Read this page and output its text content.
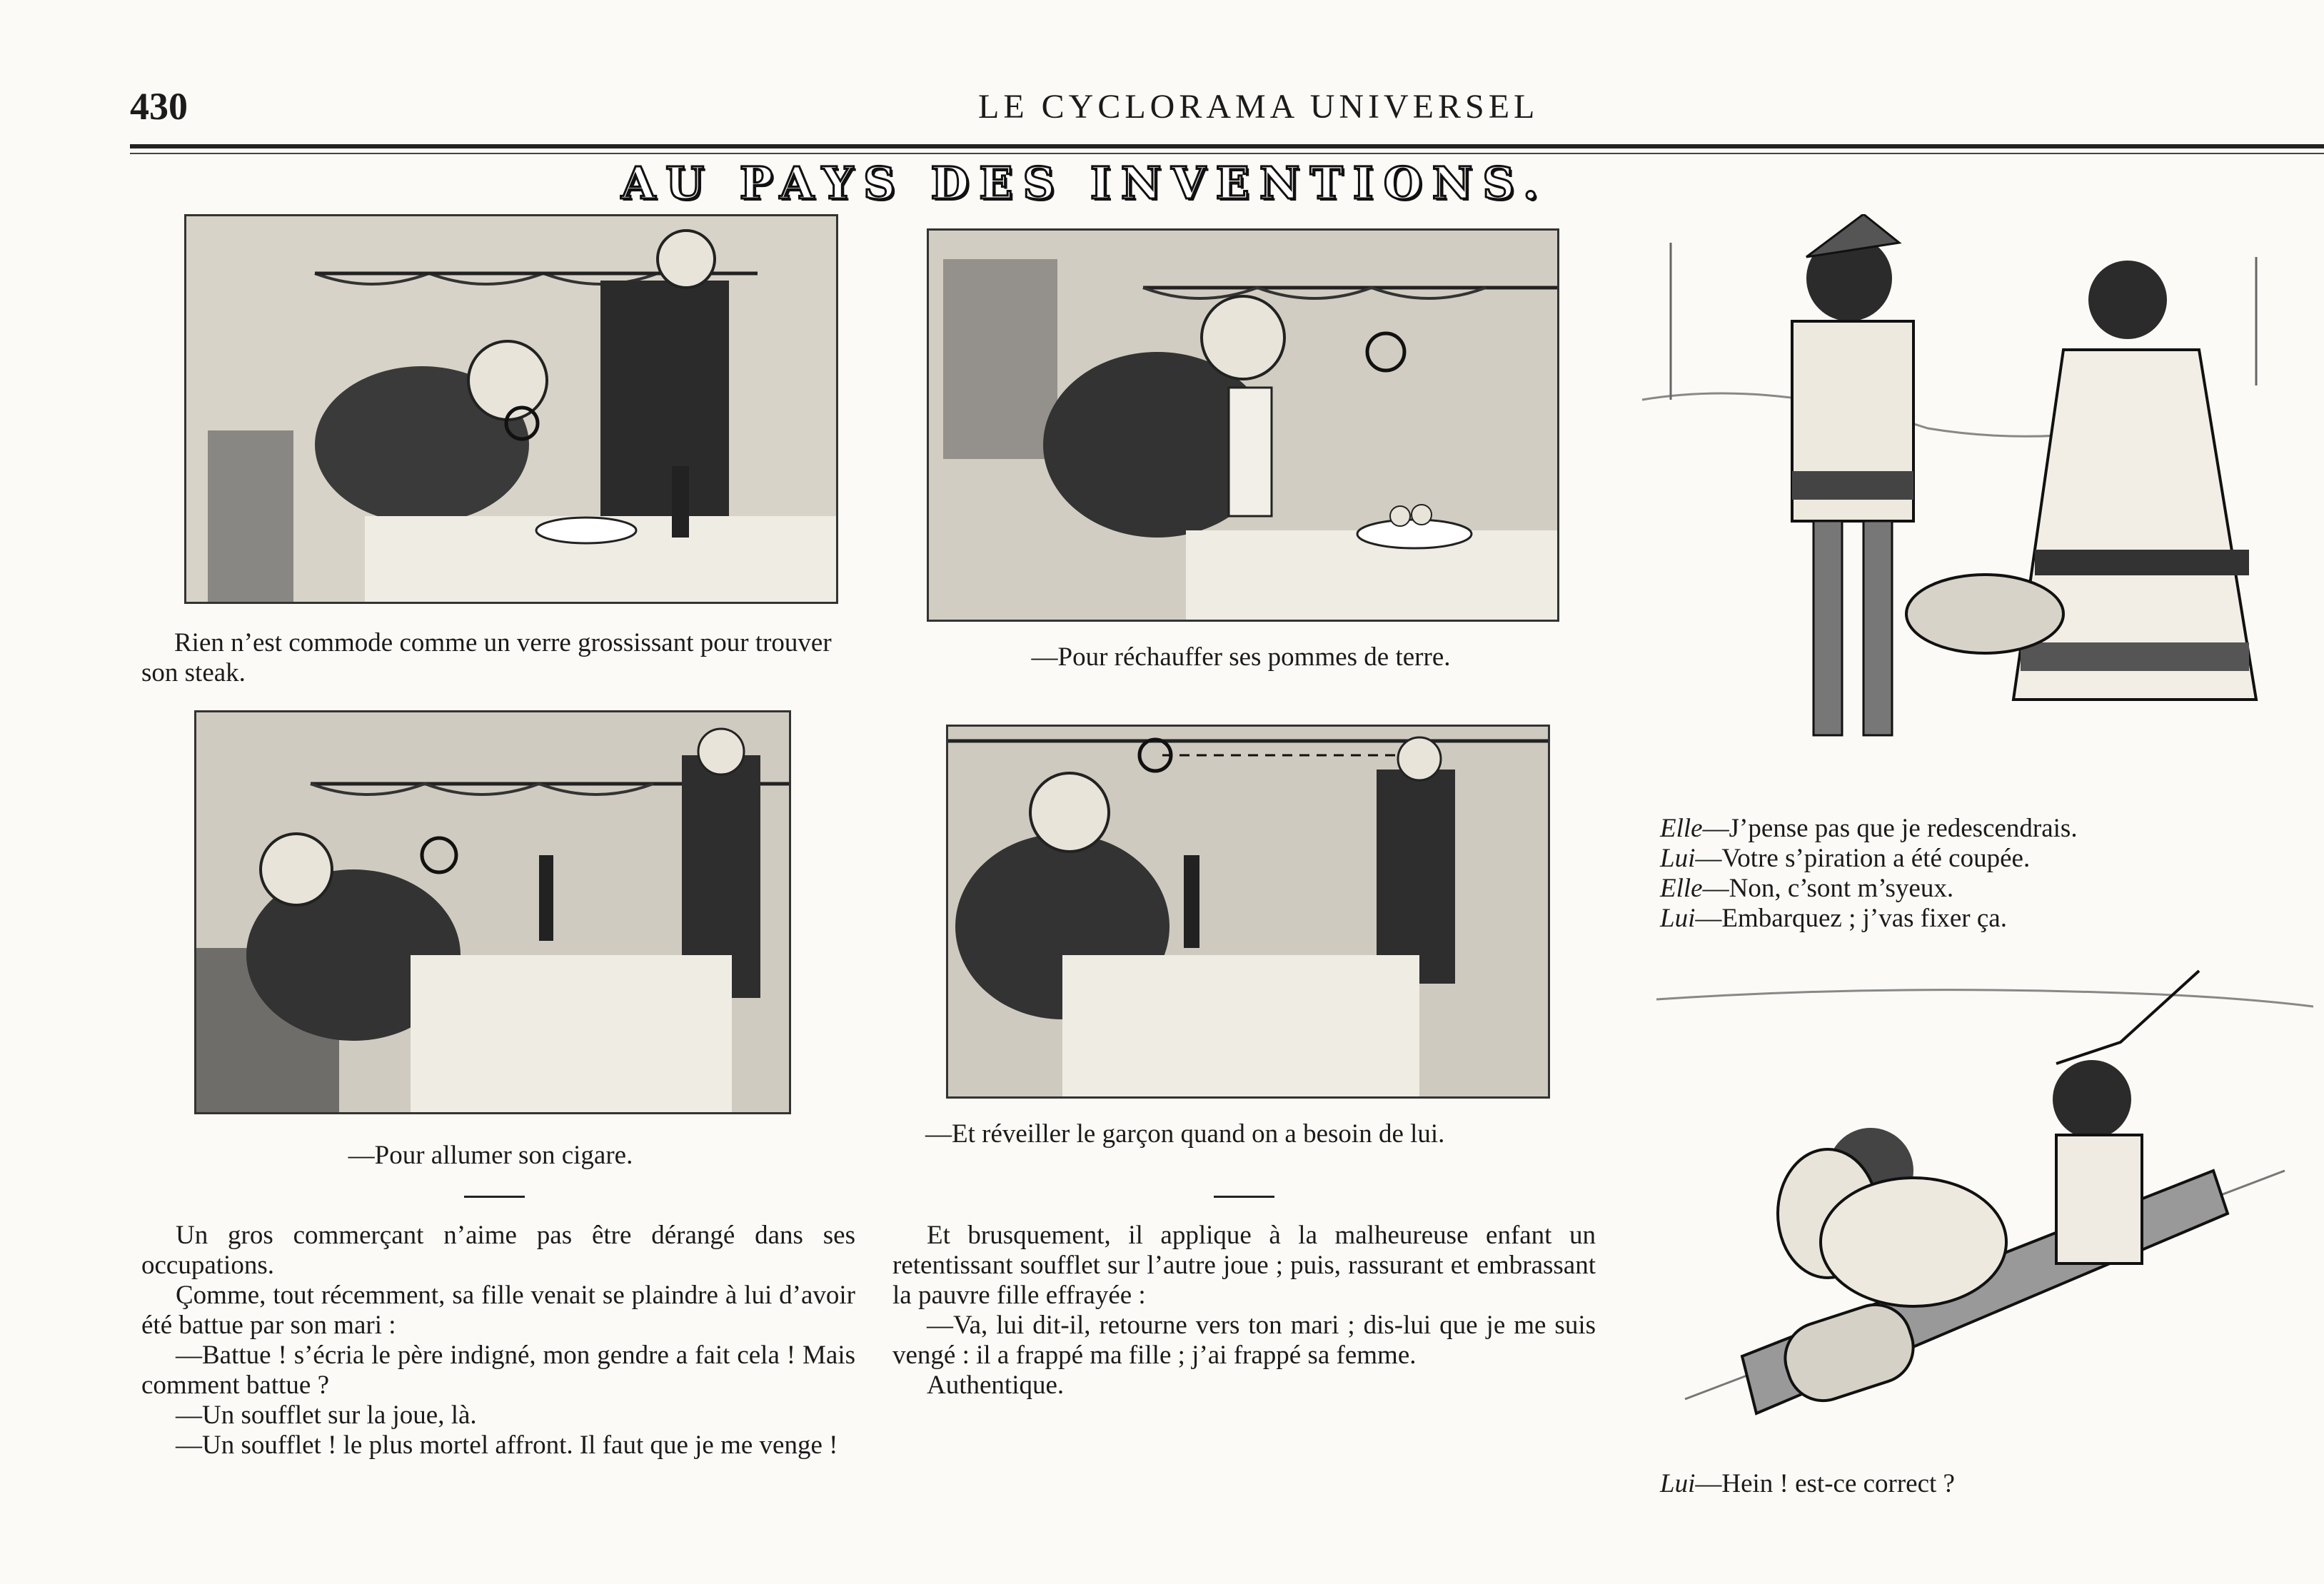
430	LE CYCLORAMA UNIVERSEL
AU PAYS DES INVENTIONS.
Rien n’est commode comme un verre grossissant pour trouver son steak.
—Pour réchauffer ses pommes de terre.
—Pour allumer son cigare.
—Et réveiller le garçon quand on a besoin de lui.

Un gros commerçant n’aime pas être dérangé dans ses occupations.

Çomme, tout récemment, sa fille venait se plaindre à lui d’avoir été battue par son mari :

—Battue ! s’écria le père indigné, mon gendre a fait cela ! Mais comment battue ?

—Un soufflet sur la joue, là.

—Un soufflet ! le plus mortel affront. Il faut que je me venge !

Et brusquement, il applique à la malheureuse enfant un retentissant soufflet sur l’autre joue ; puis, rassurant et embrassant la pauvre fille effrayée :

—Va, lui dit-il, retourne vers ton mari ; dis-lui que je me suis vengé : il a frappé ma fille ; j’ai frappé sa femme.

Authentique.

Elle—J’pense pas que je redescendrais.
Lui—Votre s’piration a été coupée.
Elle—Non, c’sont m’syeux.
Lui—Embarquez ; j’vas fixer ça.
Lui—Hein ! est-ce correct ?
